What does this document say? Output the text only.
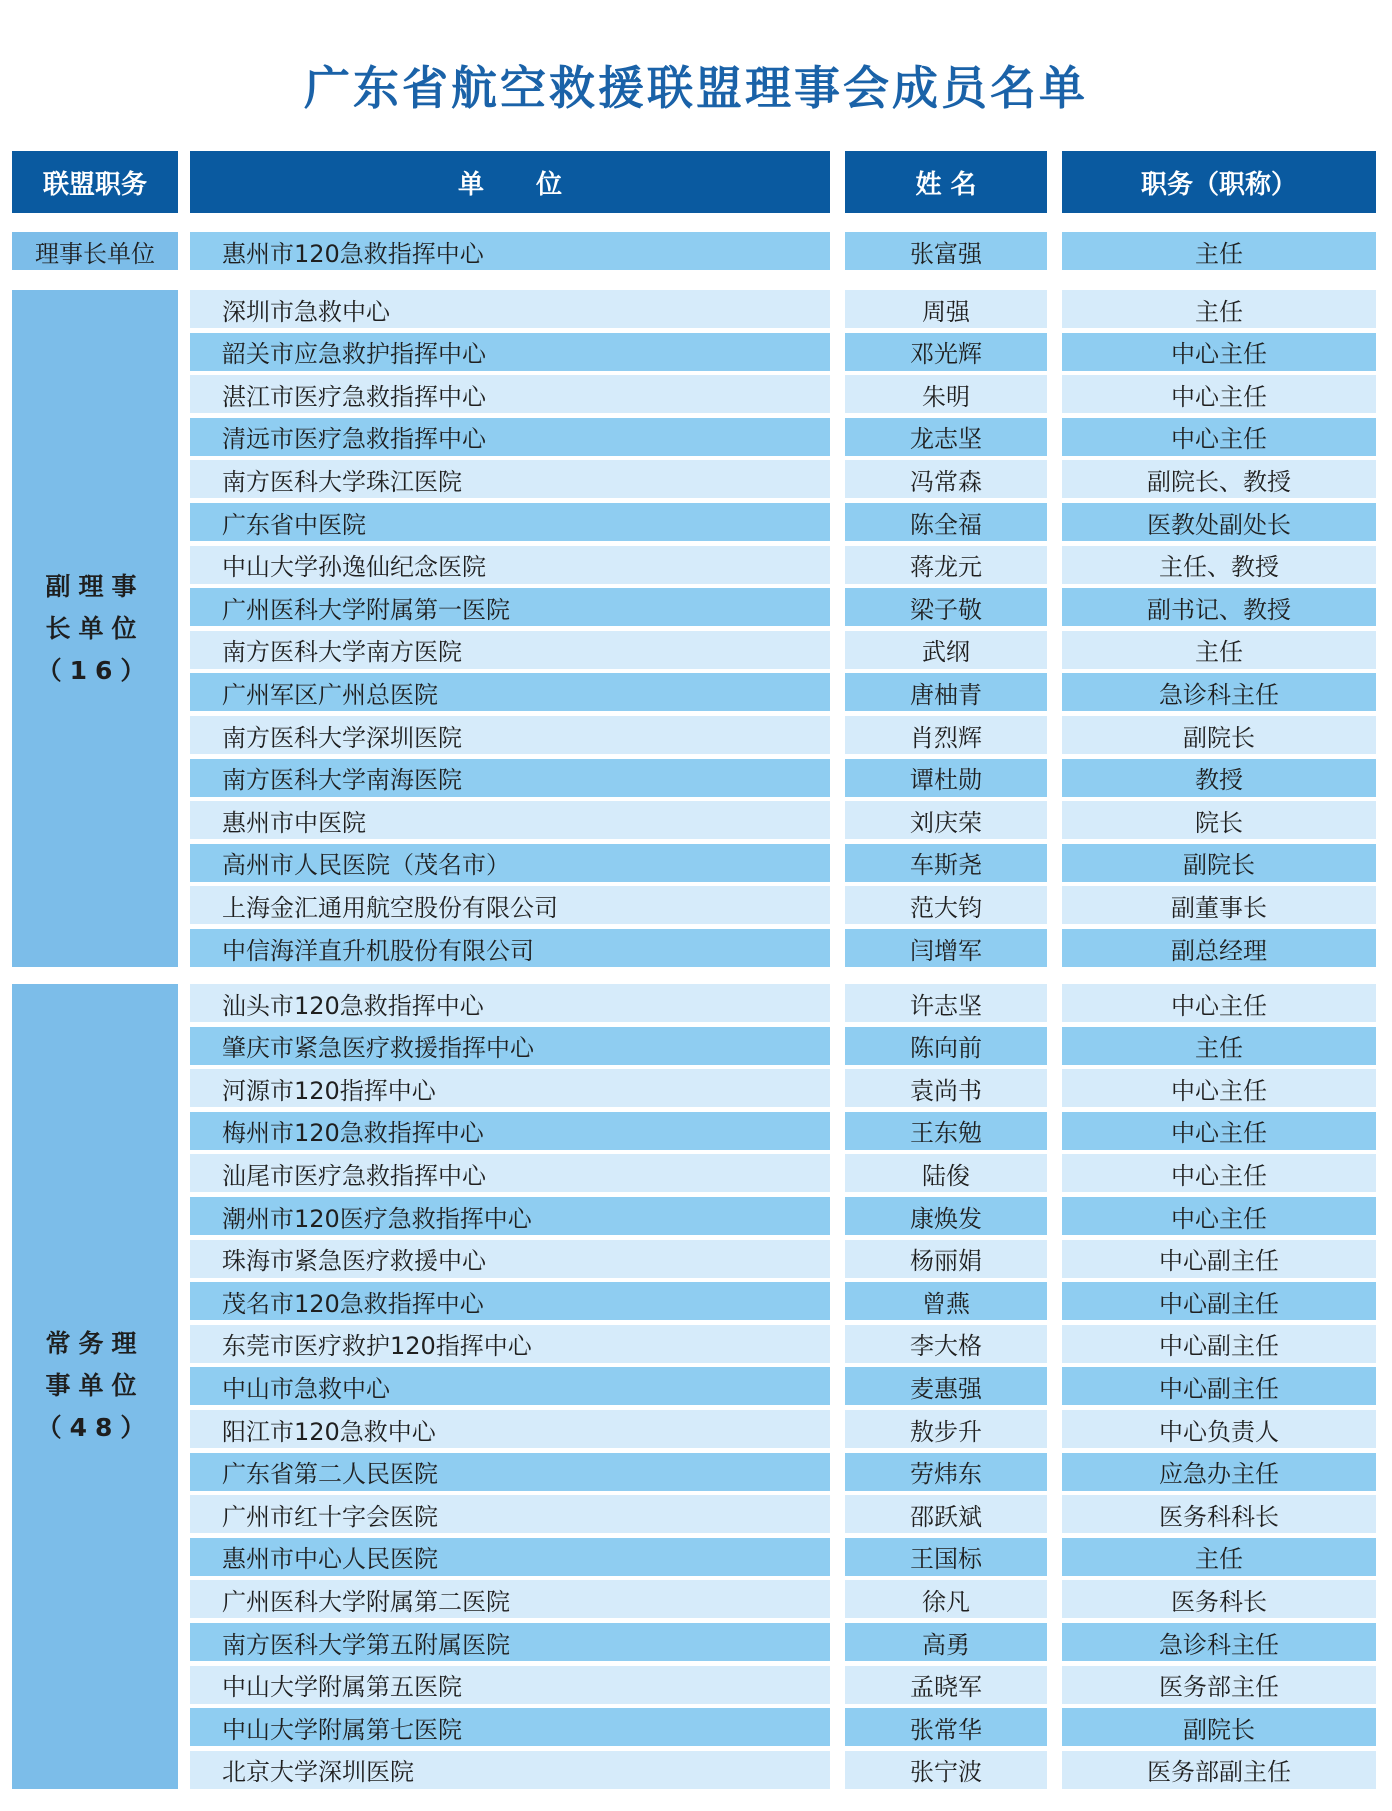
广东省航空救援联盟理事会成员名单
联盟职务	单　　位	姓 名	职务（职称）
理事长单位	惠州市120急救指挥中心	张富强	主任
副理事
长单位
（16）
深圳市急救中心	周强	主任
韶关市应急救护指挥中心	邓光辉	中心主任
湛江市医疗急救指挥中心	朱明	中心主任
清远市医疗急救指挥中心	龙志坚	中心主任
南方医科大学珠江医院	冯常森	副院长、教授
广东省中医院	陈全福	医教处副处长
中山大学孙逸仙纪念医院	蒋龙元	主任、教授
广州医科大学附属第一医院	梁子敬	副书记、教授
南方医科大学南方医院	武纲	主任
广州军区广州总医院	唐柚青	急诊科主任
南方医科大学深圳医院	肖烈辉	副院长
南方医科大学南海医院	谭杜勋	教授
惠州市中医院	刘庆荣	院长
高州市人民医院（茂名市）	车斯尧	副院长
上海金汇通用航空股份有限公司	范大钧	副董事长
中信海洋直升机股份有限公司	闫增军	副总经理
常务理
事单位
（48）
汕头市120急救指挥中心	许志坚	中心主任
肇庆市紧急医疗救援指挥中心	陈向前	主任
河源市120指挥中心	袁尚书	中心主任
梅州市120急救指挥中心	王东勉	中心主任
汕尾市医疗急救指挥中心	陆俊	中心主任
潮州市120医疗急救指挥中心	康焕发	中心主任
珠海市紧急医疗救援中心	杨丽娟	中心副主任
茂名市120急救指挥中心	曾燕	中心副主任
东莞市医疗救护120指挥中心	李大格	中心副主任
中山市急救中心	麦惠强	中心副主任
阳江市120急救中心	敖步升	中心负责人
广东省第二人民医院	劳炜东	应急办主任
广州市红十字会医院	邵跃斌	医务科科长
惠州市中心人民医院	王国标	主任
广州医科大学附属第二医院	徐凡	医务科长
南方医科大学第五附属医院	高勇	急诊科主任
中山大学附属第五医院	孟晓军	医务部主任
中山大学附属第七医院	张常华	副院长
北京大学深圳医院	张宁波	医务部副主任
